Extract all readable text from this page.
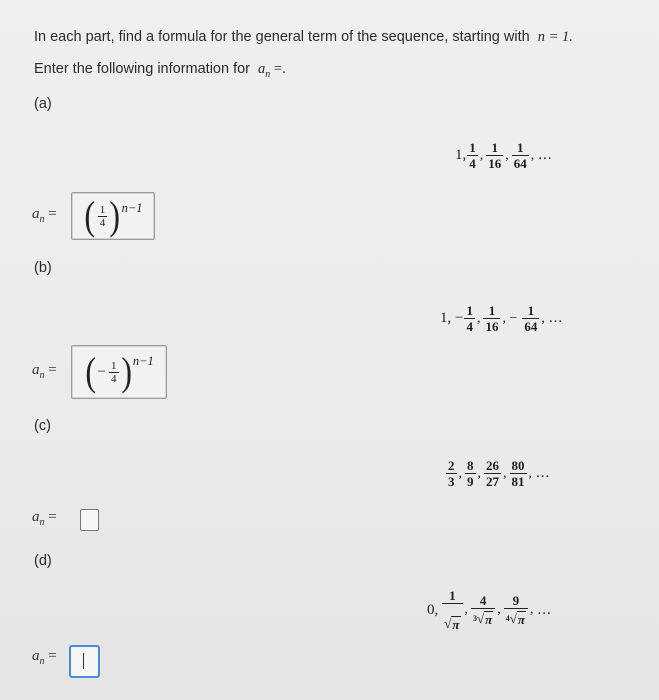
In each part, find a formula for the general term of the sequence, starting with n = 1.
Enter the following information for $a_n$ =.
(a)
1, $\frac{1}{4}$ , $\frac{1}{16}$ , $\frac{1}{64}$ , ...
$a_n$ = ( $\frac{1}{4}$ ) n−1
(b)
1, − $\frac{1}{4}$ , $\frac{1}{16}$ , − $\frac{1}{64}$ , ...
$a_n$ = ( − $\frac{1}{4}$ ) n−1
(c)
$\frac{2}{3}$ , $\frac{8}{9}$ , $\frac{26}{27}$ , $\frac{80}{81}$ , ...
$a_n$ =
(d)
0, $\frac{1}{√ \pi}$ , $\frac{4}{3 √ \pi}$ , $\frac{9}{4 √ \pi}$ , ...
$a_n$ =
